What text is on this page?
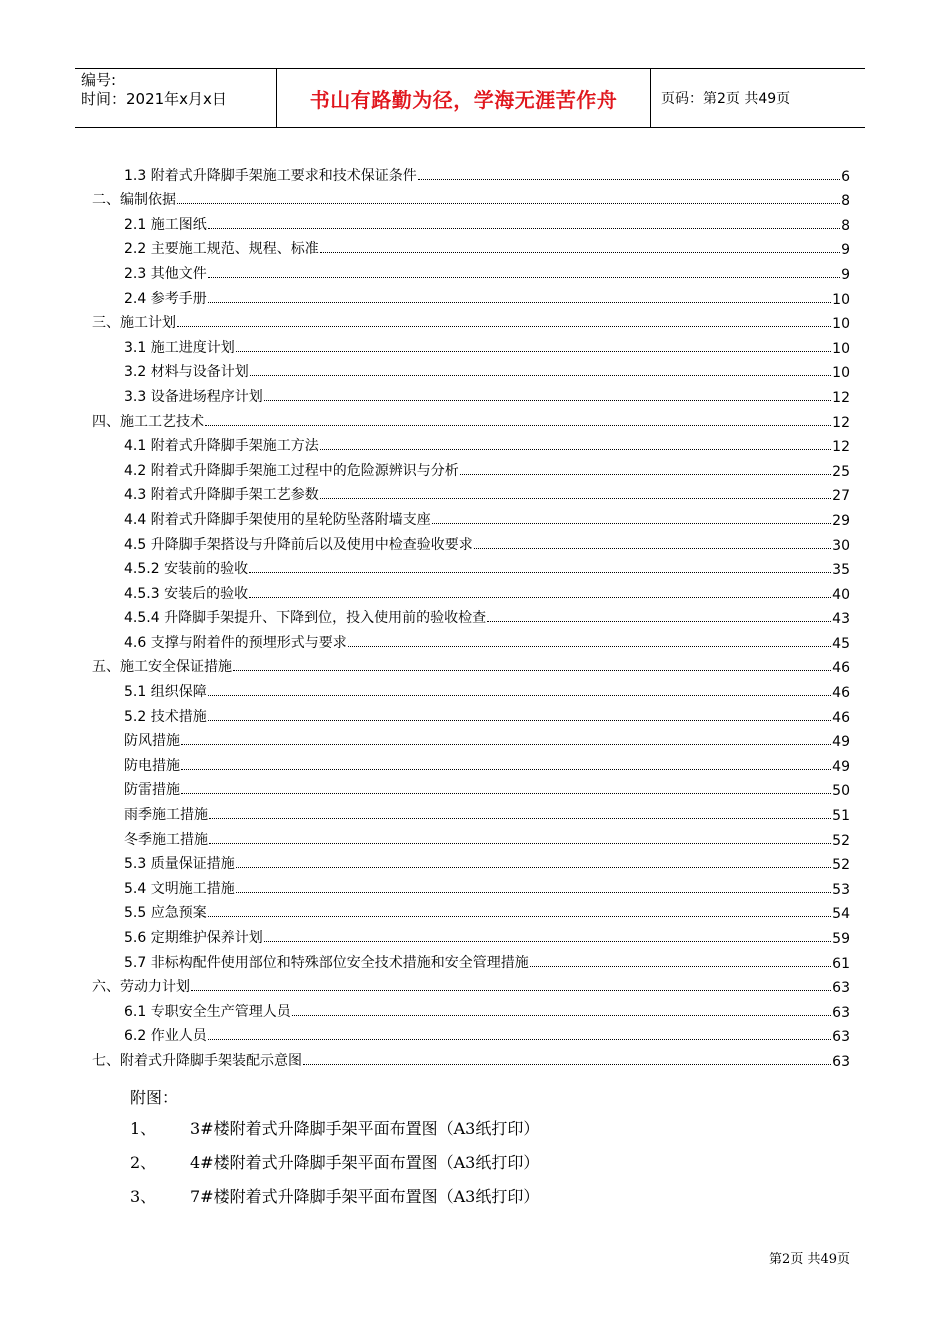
编号:
时间：2021年x月x日	书山有路勤为径，学海无涯苦作舟	页码：第2页 共49页
1.3 附着式升降脚手架施工要求和技术保证条件	6
二、编制依据	8
2.1 施工图纸	8
2.2 主要施工规范、规程、标准	9
2.3 其他文件	9
2.4 参考手册	10
三、施工计划	10
3.1 施工进度计划	10
3.2 材料与设备计划	10
3.3 设备进场程序计划	12
四、施工工艺技术	12
4.1 附着式升降脚手架施工方法	12
4.2 附着式升降脚手架施工过程中的危险源辨识与分析	25
4.3 附着式升降脚手架工艺参数	27
4.4 附着式升降脚手架使用的星轮防坠落附墙支座	29
4.5 升降脚手架搭设与升降前后以及使用中检查验收要求	30
4.5.2 安装前的验收	35
4.5.3 安装后的验收	40
4.5.4 升降脚手架提升、下降到位，投入使用前的验收检查	43
4.6 支撑与附着件的预埋形式与要求	45
五、施工安全保证措施	46
5.1 组织保障	46
5.2 技术措施	46
防风措施	49
防电措施	49
防雷措施	50
雨季施工措施	51
冬季施工措施	52
5.3 质量保证措施	52
5.4 文明施工措施	53
5.5 应急预案	54
5.6 定期维护保养计划	59
5.7 非标构配件使用部位和特殊部位安全技术措施和安全管理措施	61
六、劳动力计划	63
6.1 专职安全生产管理人员	63
6.2 作业人员	63
七、附着式升降脚手架装配示意图	63
附图：
1、 3#楼附着式升降脚手架平面布置图（A3纸打印）
2、 4#楼附着式升降脚手架平面布置图（A3纸打印）
3、 7#楼附着式升降脚手架平面布置图（A3纸打印）
第2页 共49页
